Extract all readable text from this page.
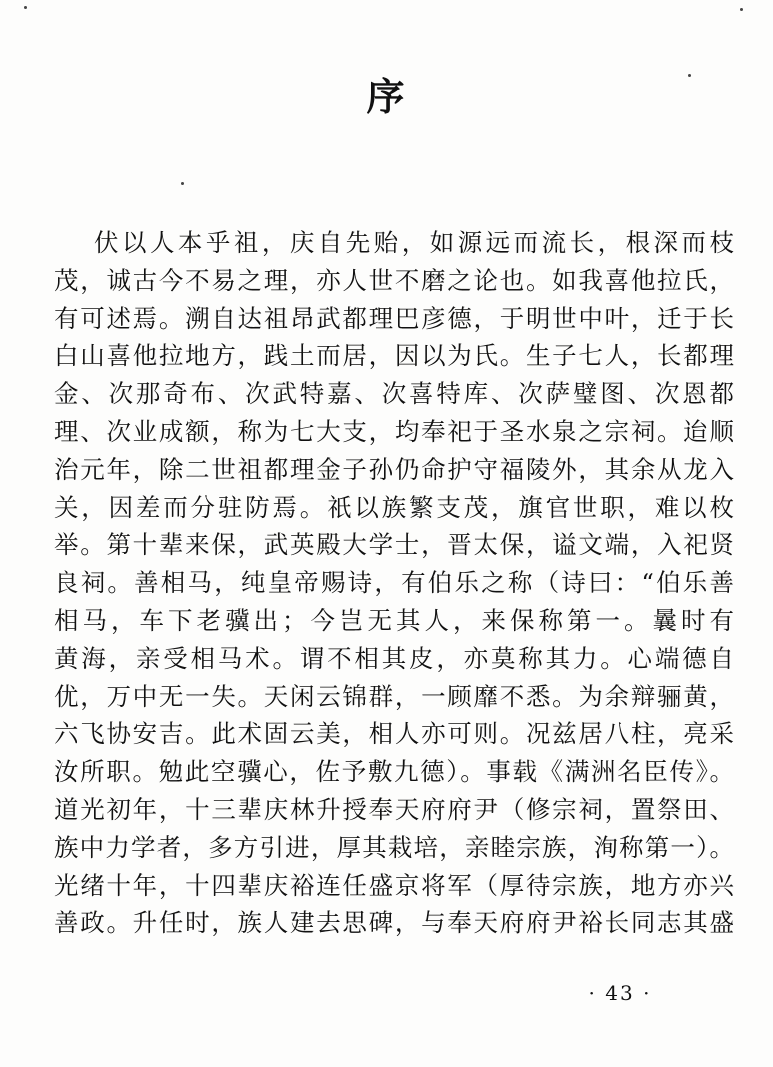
序
伏以人本乎祖，庆自先贻，如源远而流长，根深而枝
茂，诚古今不易之理，亦人世不磨之论也。如我喜他拉氏，
有可述焉。溯自达祖昂武都理巴彦德，于明世中叶，迁于长
白山喜他拉地方，践土而居，因以为氏。生子七人，长都理
金、次那奇布、次武特嘉、次喜特库、次萨璧图、次恩都
理、次业成额，称为七大支，均奉祀于圣水泉之宗祠。迨顺
治元年，除二世祖都理金子孙仍命护守福陵外，其余从龙入
关，因差而分驻防焉。祇以族繁支茂，旗官世职，难以枚
举。第十辈来保，武英殿大学士，晋太保，谥文端，入祀贤
良祠。善相马，纯皇帝赐诗，有伯乐之称（诗曰：“伯乐善
相马，车下老骥出；今岂无其人，来保称第一。曩时有
黄海，亲受相马术。谓不相其皮，亦莫称其力。心端德自
优，万中无一失。天闲云锦群，一顾靡不悉。为余辩骊黄，
六飞协安吉。此术固云美，相人亦可则。况兹居八柱，亮采
汝所职。勉此空骥心，佐予敷九德）。事载《满洲名臣传》。
道光初年，十三辈庆林升授奉天府府尹（修宗祠，置祭田、
族中力学者，多方引进，厚其栽培，亲睦宗族，洵称第一）。
光绪十年，十四辈庆裕连任盛京将军（厚待宗族，地方亦兴
善政。升任时，族人建去思碑，与奉天府府尹裕长同志其盛
· 43 ·
